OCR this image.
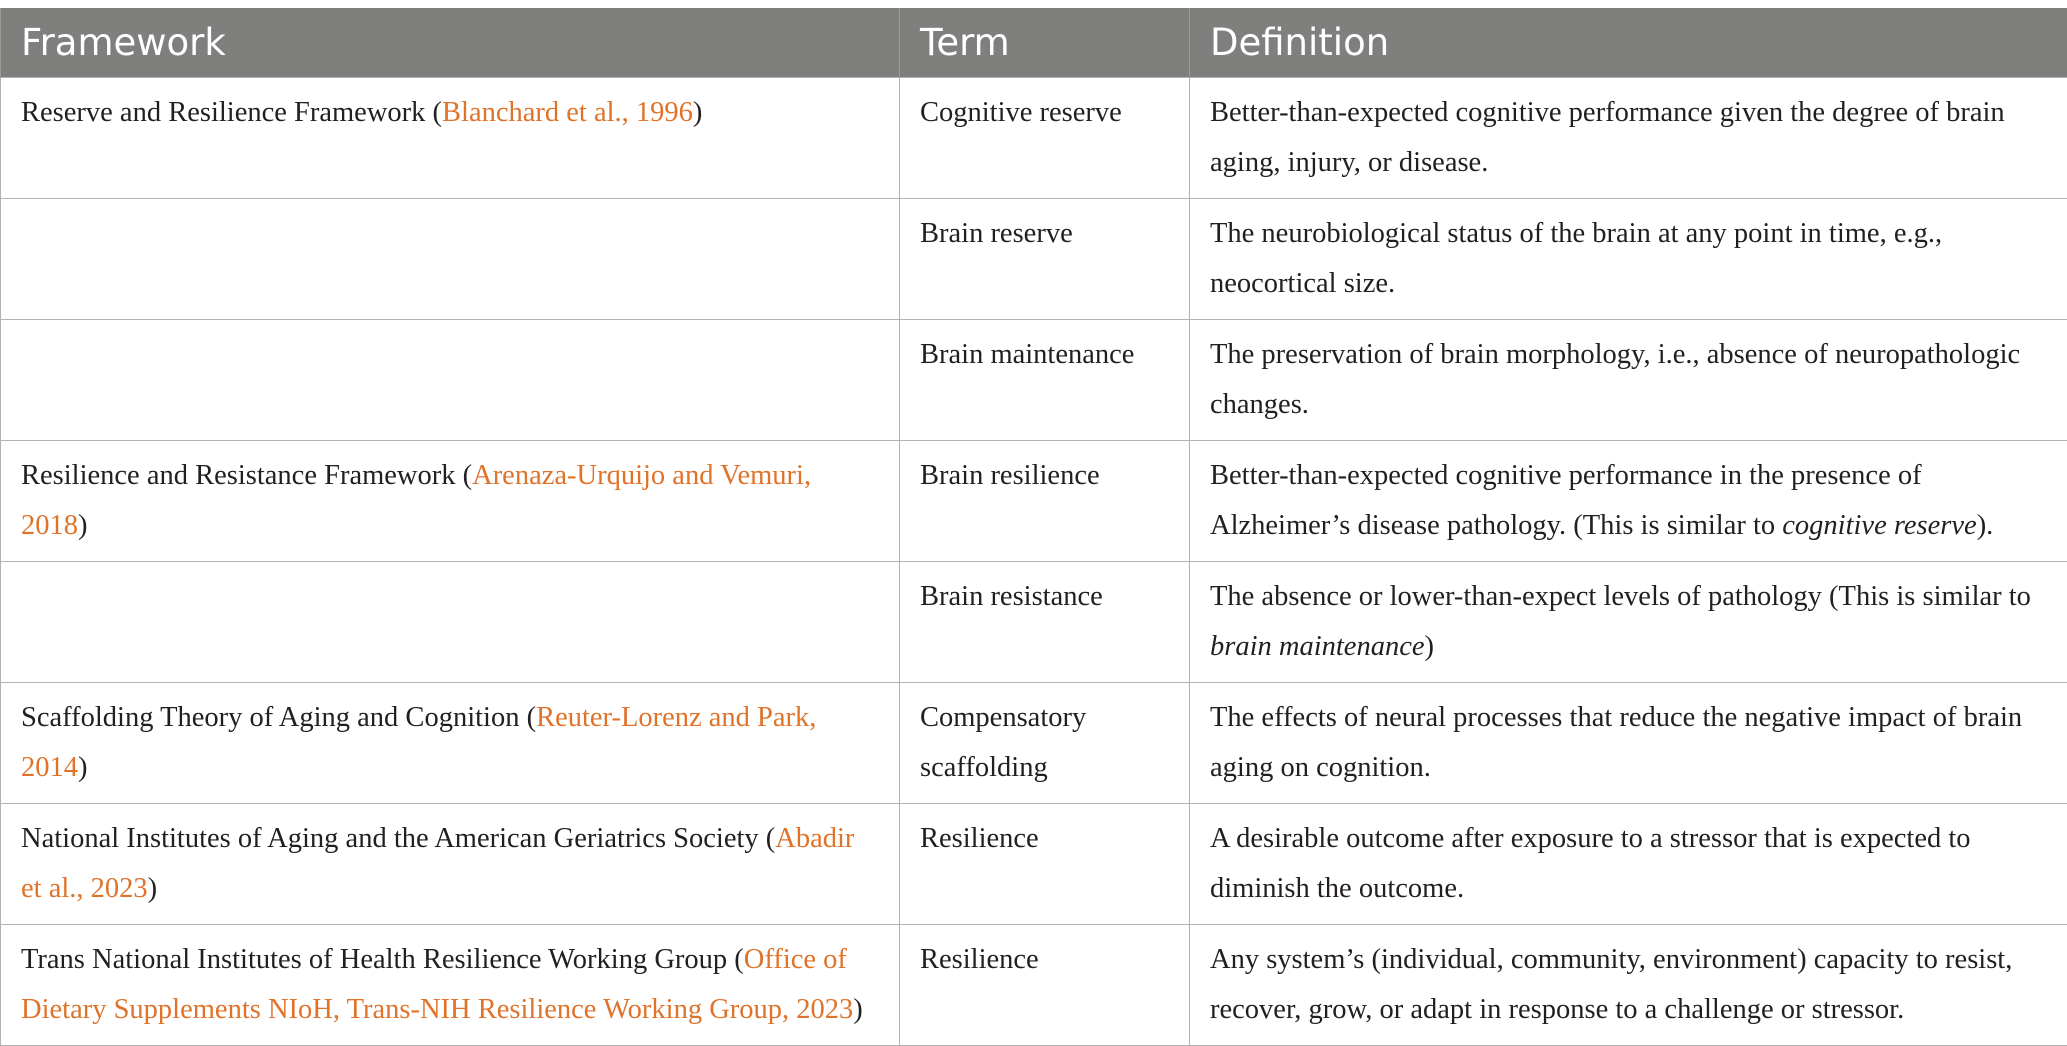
Framework	Term	Definition
Reserve and Resilience Framework (Blanchard et al., 1996)	Cognitive reserve	Better-than-expected cognitive performance given the degree of brain aging, injury, or disease.
	Brain reserve	The neurobiological status of the brain at any point in time, e.g., neocortical size.
	Brain maintenance	The preservation of brain morphology, i.e., absence of neuropathologic changes.
Resilience and Resistance Framework (Arenaza-Urquijo and Vemuri, 2018)	Brain resilience	Better-than-expected cognitive performance in the presence of Alzheimer’s disease pathology. (This is similar to cognitive reserve).
	Brain resistance	The absence or lower-than-expect levels of pathology (This is similar to brain maintenance)
Scaffolding Theory of Aging and Cognition (Reuter-Lorenz and Park, 2014)	Compensatory scaffolding	The effects of neural processes that reduce the negative impact of brain aging on cognition.
National Institutes of Aging and the American Geriatrics Society (Abadir et al., 2023)	Resilience	A desirable outcome after exposure to a stressor that is expected to diminish the outcome.
Trans National Institutes of Health Resilience Working Group (Office of Dietary Supplements NIoH, Trans-NIH Resilience Working Group, 2023)	Resilience	Any system’s (individual, community, environment) capacity to resist, recover, grow, or adapt in response to a challenge or stressor.
